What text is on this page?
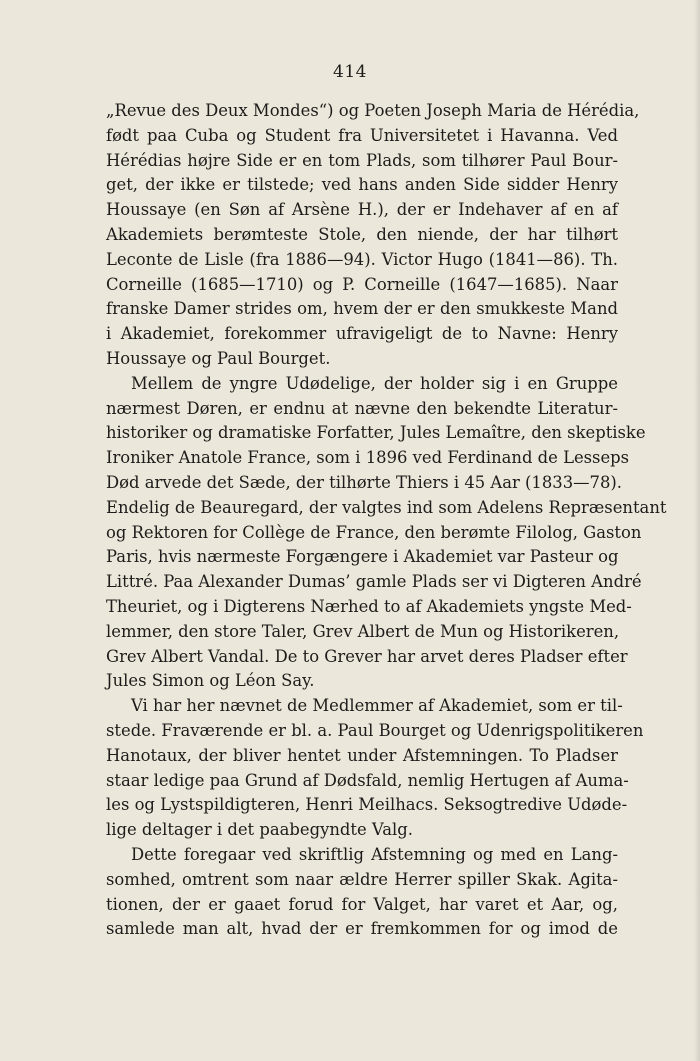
414
„Revue des Deux Mondes“) og Poeten Joseph Maria de Hérédia,
født paa Cuba og Student fra Universitetet i Havanna. Ved
Hérédias højre Side er en tom Plads, som tilhører Paul Bour-
get, der ikke er tilstede; ved hans anden Side sidder Henry
Houssaye (en Søn af Arsène H.), der er Indehaver af en af
Akademiets berømteste Stole, den niende, der har tilhørt
Leconte de Lisle (fra 1886—94). Victor Hugo (1841—86). Th.
Corneille (1685—1710) og P. Corneille (1647—1685). Naar
franske Damer strides om, hvem der er den smukkeste Mand
i Akademiet, forekommer ufravigeligt de to Navne: Henry
Houssaye og Paul Bourget.
Mellem de yngre Udødelige, der holder sig i en Gruppe
nærmest Døren, er endnu at nævne den bekendte Literatur-
historiker og dramatiske Forfatter, Jules Lemaître, den skeptiske
Ironiker Anatole France, som i 1896 ved Ferdinand de Lesseps
Død arvede det Sæde, der tilhørte Thiers i 45 Aar (1833—78).
Endelig de Beauregard, der valgtes ind som Adelens Repræsentant
og Rektoren for Collège de France, den berømte Filolog, Gaston
Paris, hvis nærmeste Forgængere i Akademiet var Pasteur og
Littré. Paa Alexander Dumas’ gamle Plads ser vi Digteren André
Theuriet, og i Digterens Nærhed to af Akademiets yngste Med-
lemmer, den store Taler, Grev Albert de Mun og Historikeren,
Grev Albert Vandal. De to Grever har arvet deres Pladser efter
Jules Simon og Léon Say.
Vi har her nævnet de Medlemmer af Akademiet, som er til-
stede. Fraværende er bl. a. Paul Bourget og Udenrigspolitikeren
Hanotaux, der bliver hentet under Afstemningen. To Pladser
staar ledige paa Grund af Dødsfald, nemlig Hertugen af Auma-
les og Lystspildigteren, Henri Meilhacs. Seksogtredive Udøde-
lige deltager i det paabegyndte Valg.
Dette foregaar ved skriftlig Afstemning og med en Lang-
somhed, omtrent som naar ældre Herrer spiller Skak. Agita-
tionen, der er gaaet forud for Valget, har varet et Aar, og,
samlede man alt, hvad der er fremkommen for og imod de
